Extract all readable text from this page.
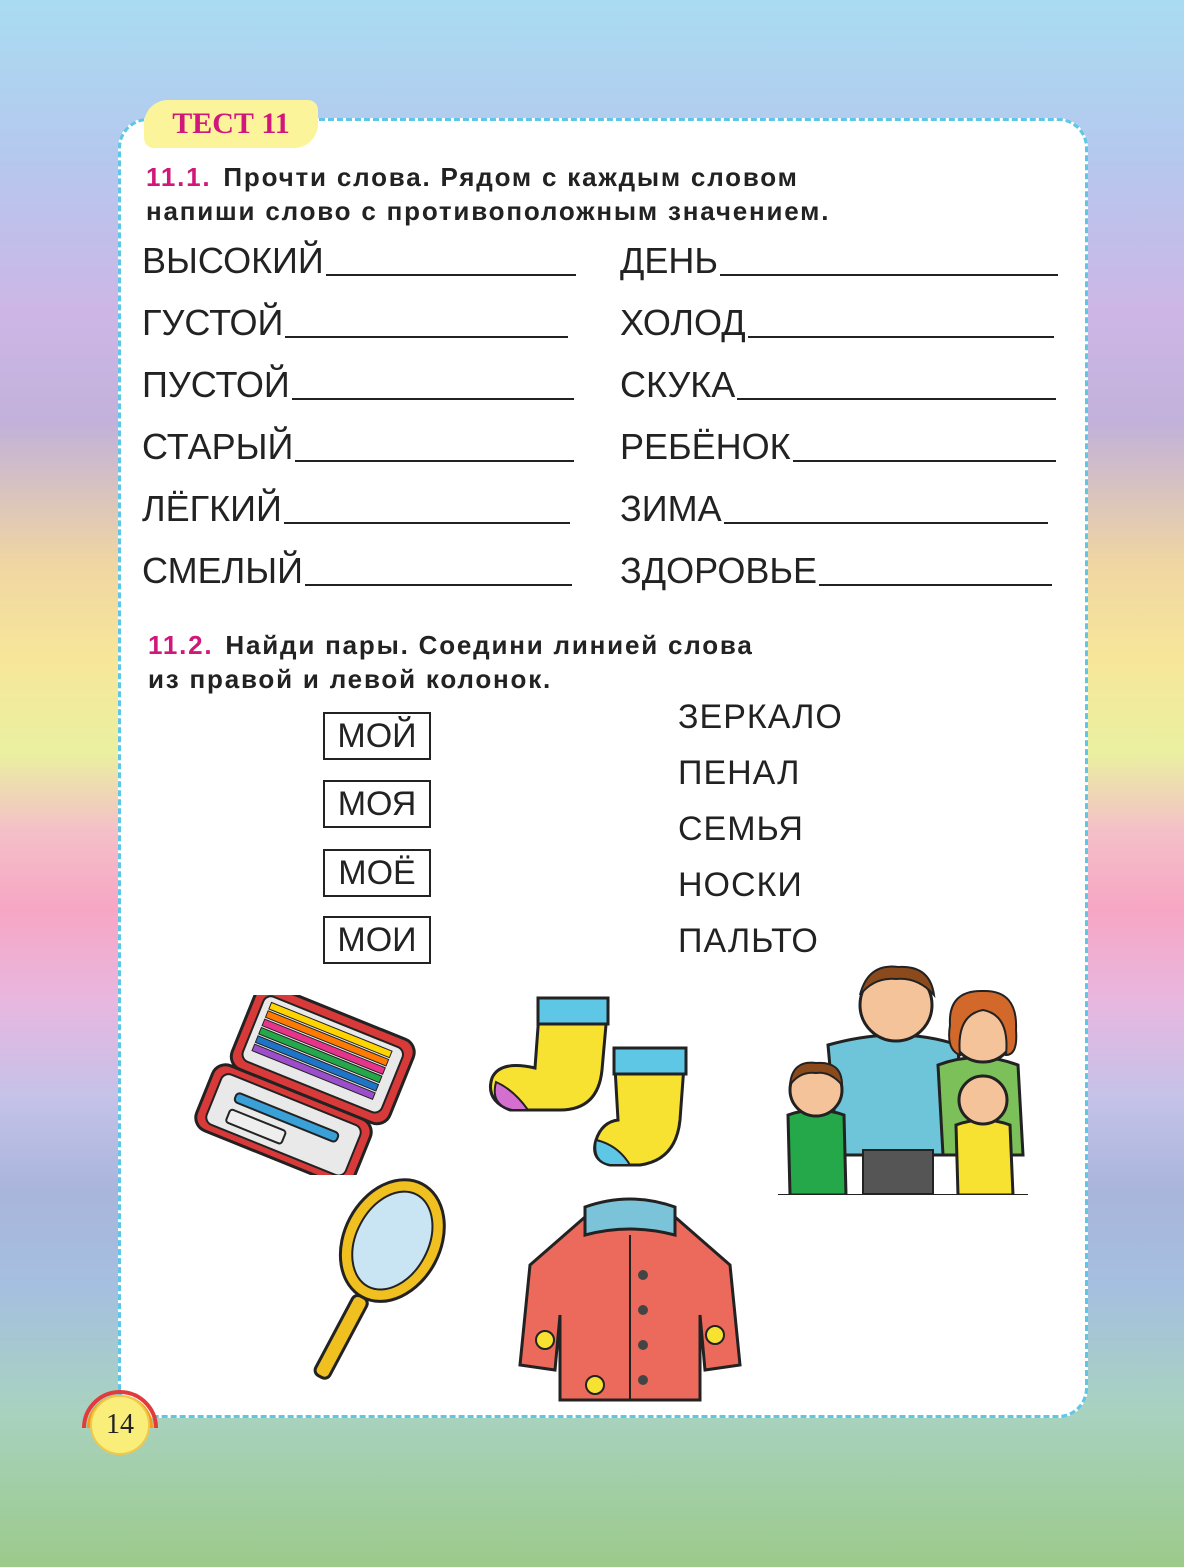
ТЕСТ 11
11.1. Прочти слова. Рядом с каждым словом
напиши слово с противоположным значением.
ВЫСОКИЙ
ГУСТОЙ
ПУСТОЙ
СТАРЫЙ
ЛЁГКИЙ
СМЕЛЫЙ
ДЕНЬ
ХОЛОД
СКУКА
РЕБЁНОК
ЗИМА
ЗДОРОВЬЕ
11.2. Найди пары. Соедини линией слова
из правой и левой колонок.
МОЙ
МОЯ
МОЁ
МОИ
ЗЕРКАЛО
ПЕНАЛ
СЕМЬЯ
НОСКИ
ПАЛЬТО
14
